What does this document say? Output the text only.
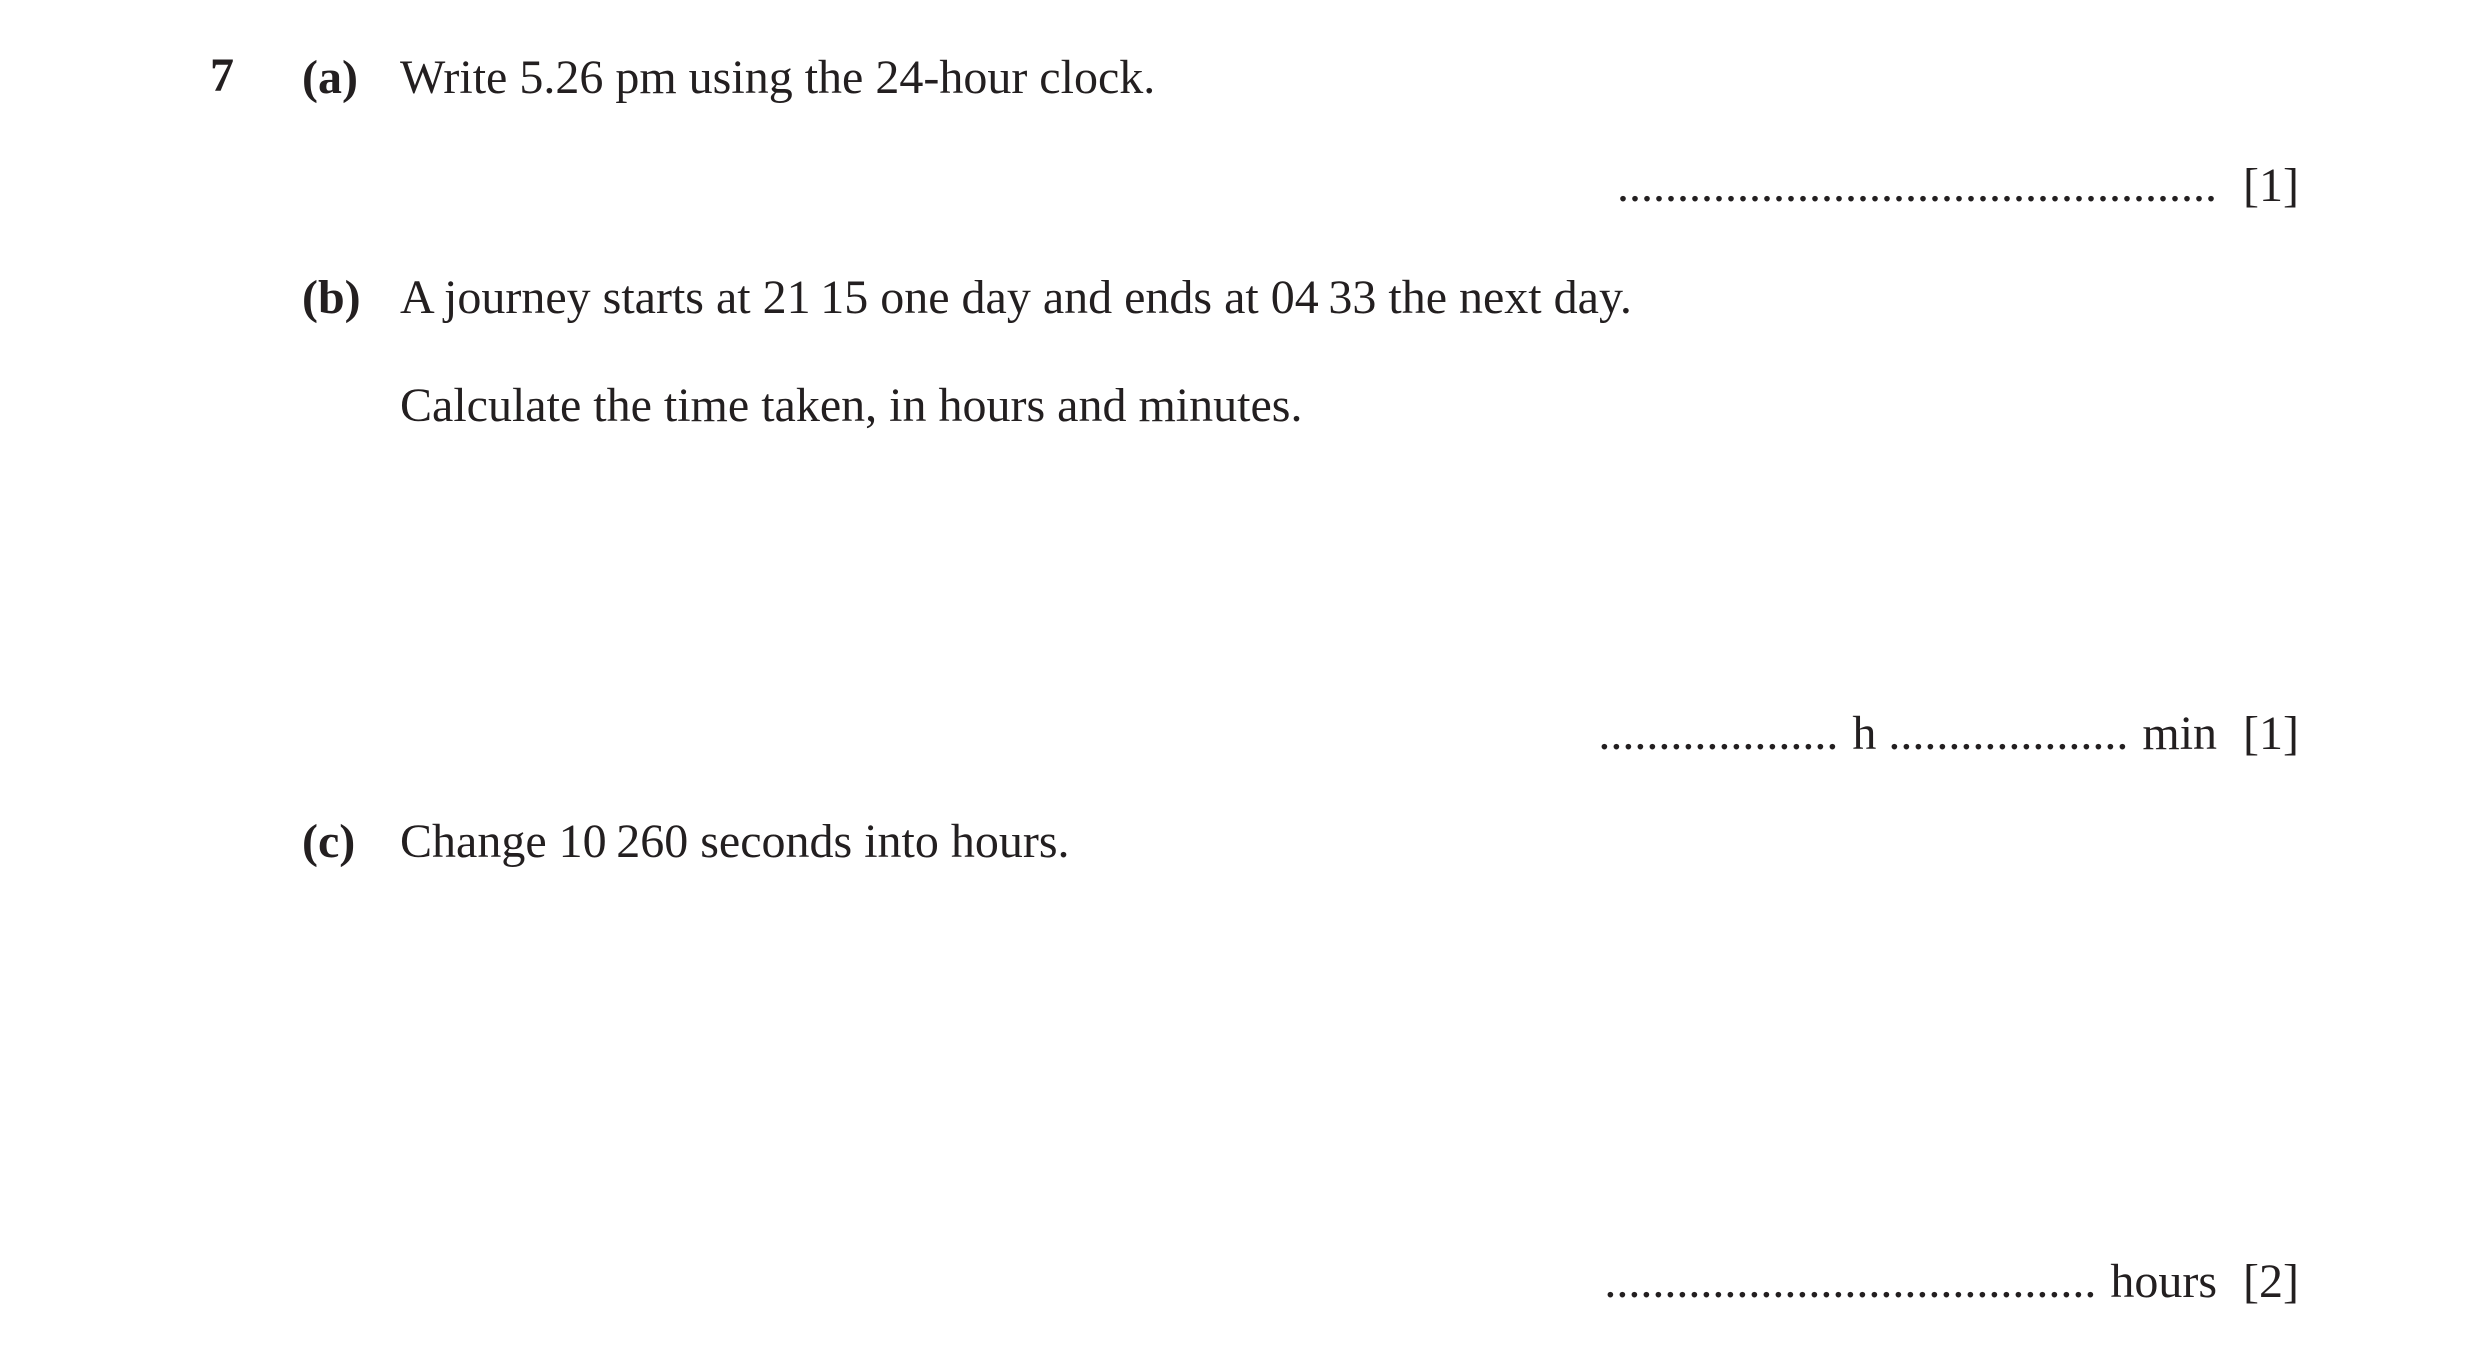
7 (a) Write 5.26 pm using the 24-hour clock.
.................................................. [1]
(b) A journey starts at 21 15 one day and ends at 04 33 the next day.
Calculate the time taken, in hours and minutes.
.................... h .................... min [1]
(c) Change 10 260 seconds into hours.
......................................... hours [2]
